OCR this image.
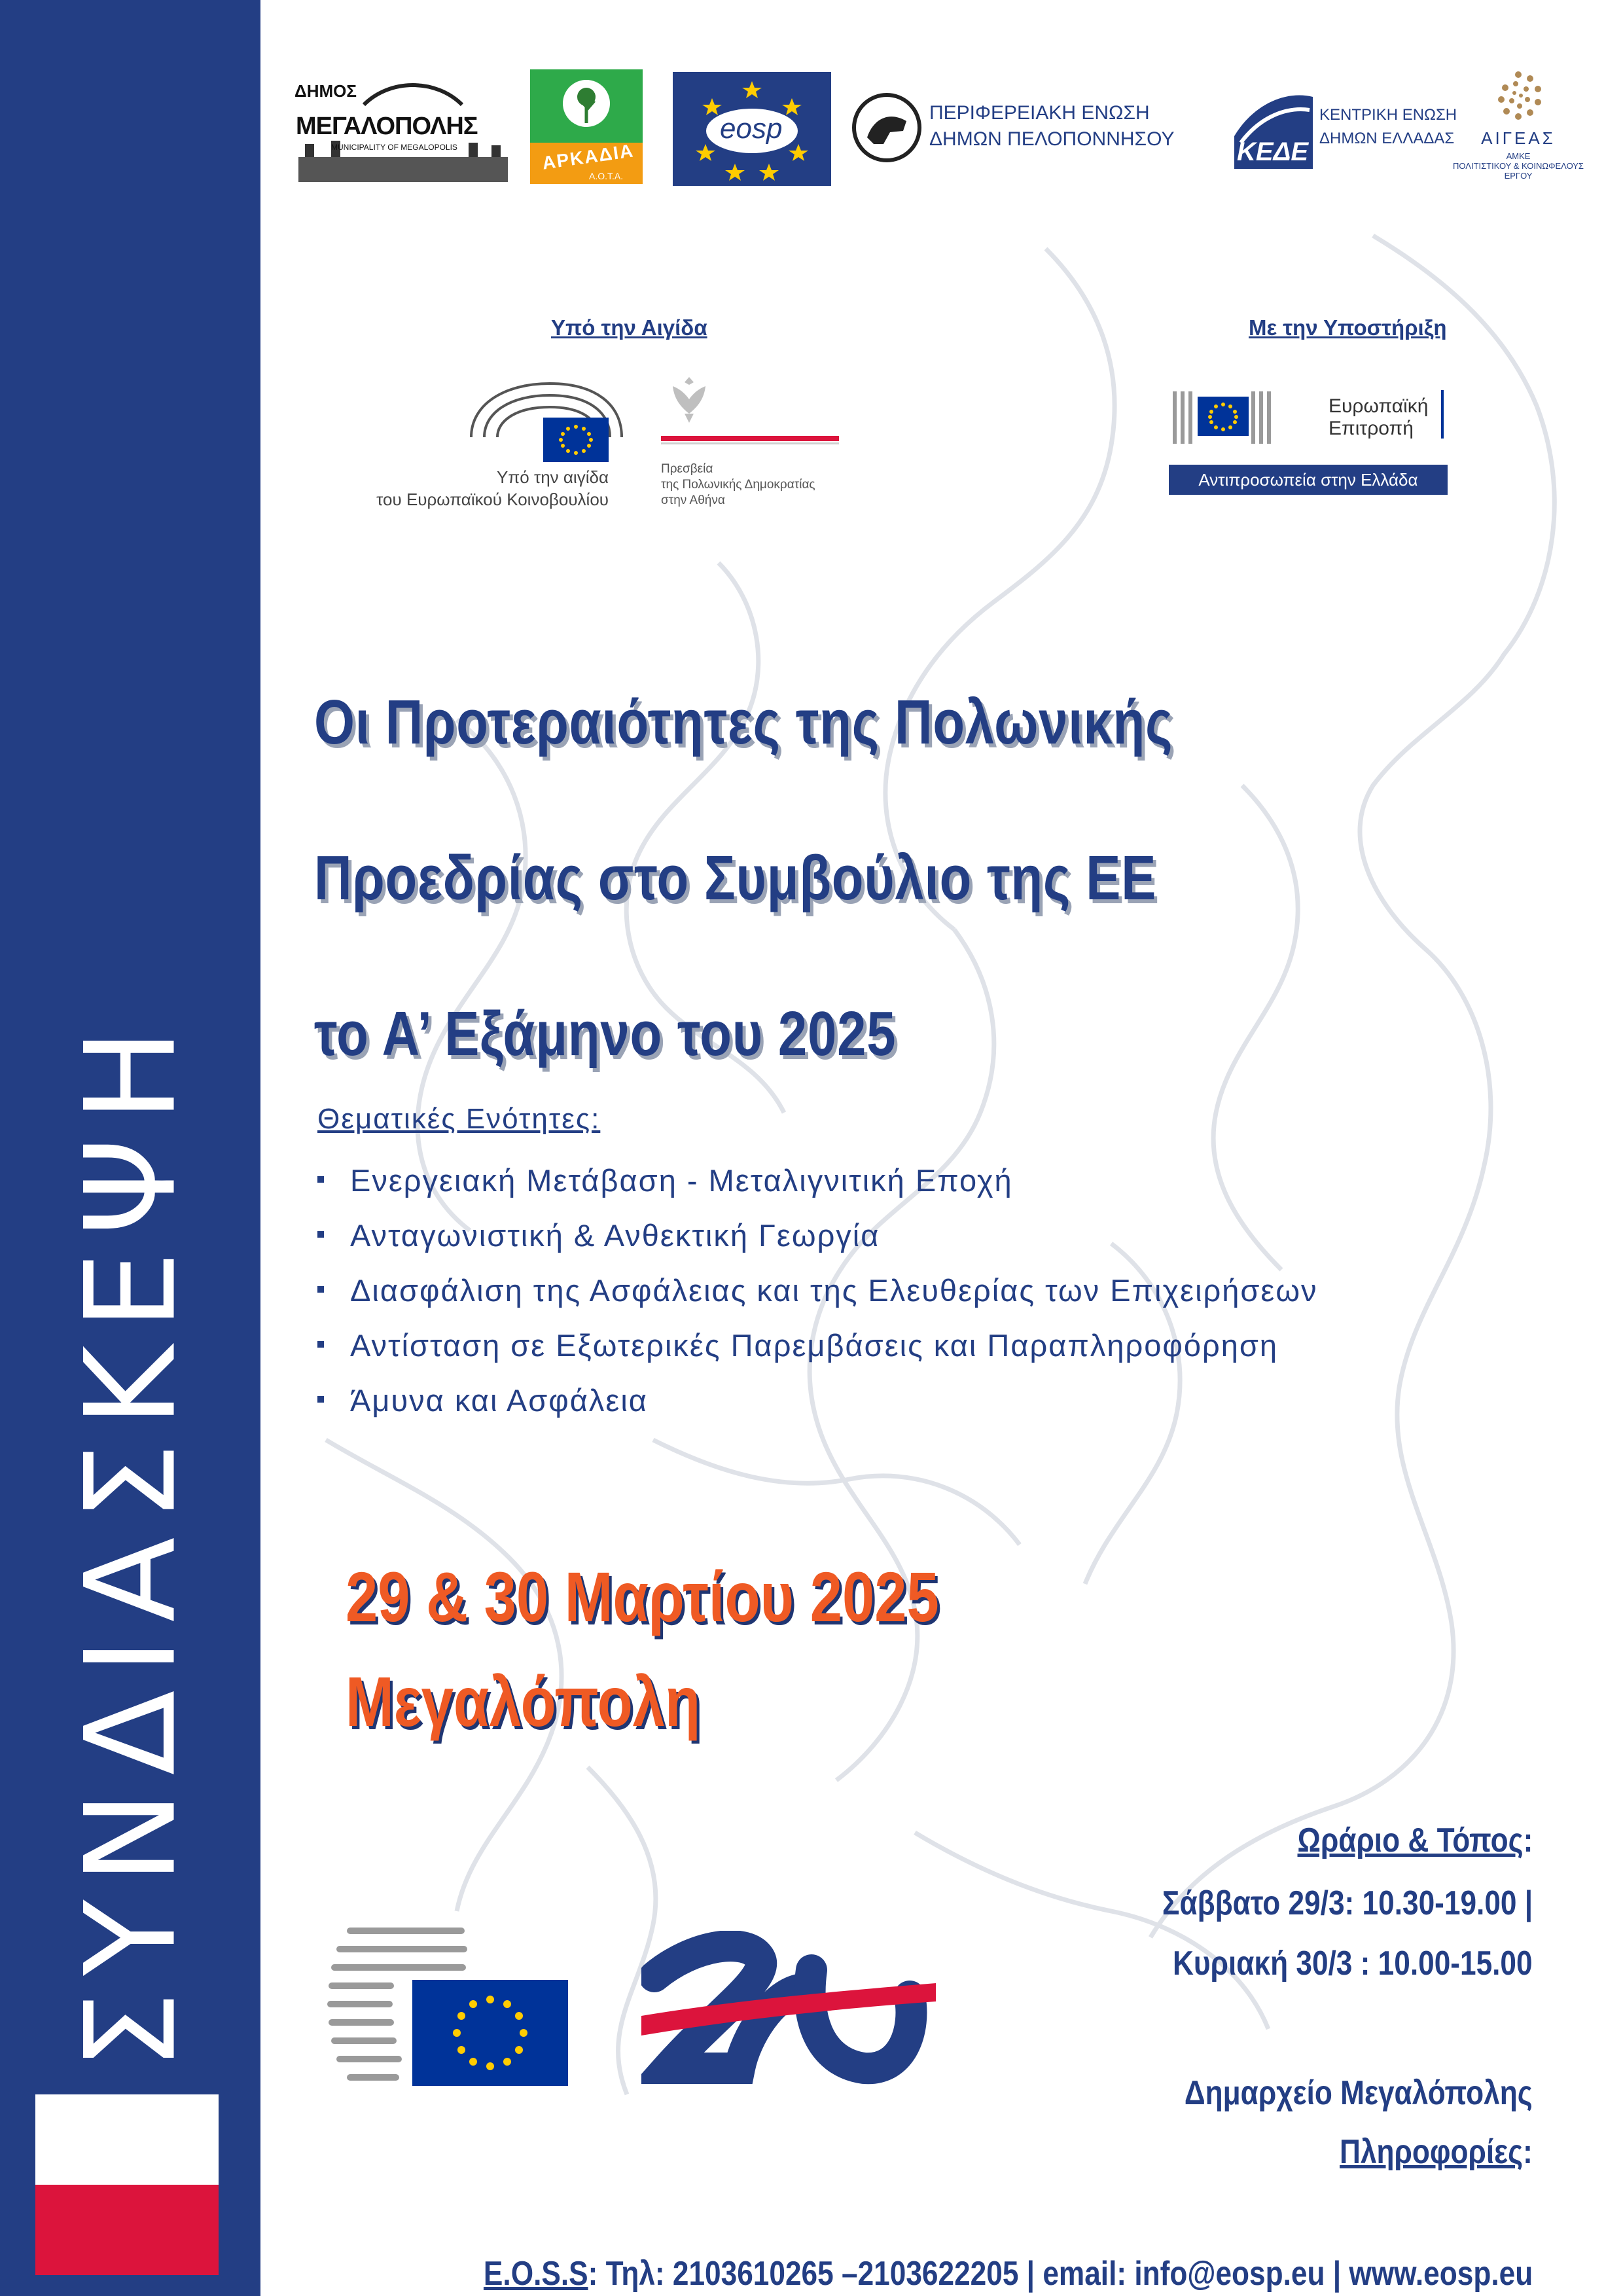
ΣΥΝΔΙΑΣΚΕΨΗ
ΔΗΜΟΣ
ΜΕΓΑΛΟΠΟΛΗΣ
MUNICIPALITY OF MEGALOPOLIS	ΑΡΚΑΔΙΑ
Α.Ο.Τ.Α.
eosp	ΠΕΡΙΦΕΡΕΙΑΚΗ ΕΝΩΣΗ
ΔΗΜΩΝ ΠΕΛΟΠΟΝΝΗΣΟΥ ΚΕΔΕ
ΚΕΝΤΡΙΚΗ ΕΝΩΣΗ
ΔΗΜΩΝ ΕΛΛΑΔΑΣ	ΑΙΓΕΑΣ
ΑΜΚΕ
ΠΟΛΙΤΙΣΤΙΚΟΥ & ΚΟΙΝΩΦΕΛΟΥΣ
ΕΡΓΟΥ
Υπό την Αιγίδα	Με την Υποστήριξη
Υπό την αιγίδα
του Ευρωπαϊκού Κοινοβουλίου
Πρεσβεία
της Πολωνικής Δημοκρατίας
στην Αθήνα
Ευρωπαϊκή
Επιτροπή
Αντιπροσωπεία στην Ελλάδα
Οι Προτεραιότητες της Πολωνικής
Προεδρίας στο Συμβούλιο της ΕΕ
το Α’ Εξάμηνο του 2025
Θεματικές Ενότητες:
Ενεργειακή Μετάβαση - Μεταλιγνιτική Εποχή
Ανταγωνιστική & Ανθεκτική Γεωργία
Διασφάλιση της Ασφάλειας και της Ελευθερίας των Επιχειρήσεων
Αντίσταση σε Εξωτερικές Παρεμβάσεις και Παραπληροφόρηση
Άμυνα και Ασφάλεια
29 & 30 Μαρτίου 2025
Μεγαλόπολη
Ωράριο & Τόπος:
Σάββατο 29/3: 10.30-19.00 |
Κυριακή 30/3 : 10.00-15.00
Δημαρχείο Μεγαλόπολης
Πληροφορίες:
E.O.S.S: Τηλ: 2103610265 –2103622205 | email: info@eosp.eu | www.eosp.eu
